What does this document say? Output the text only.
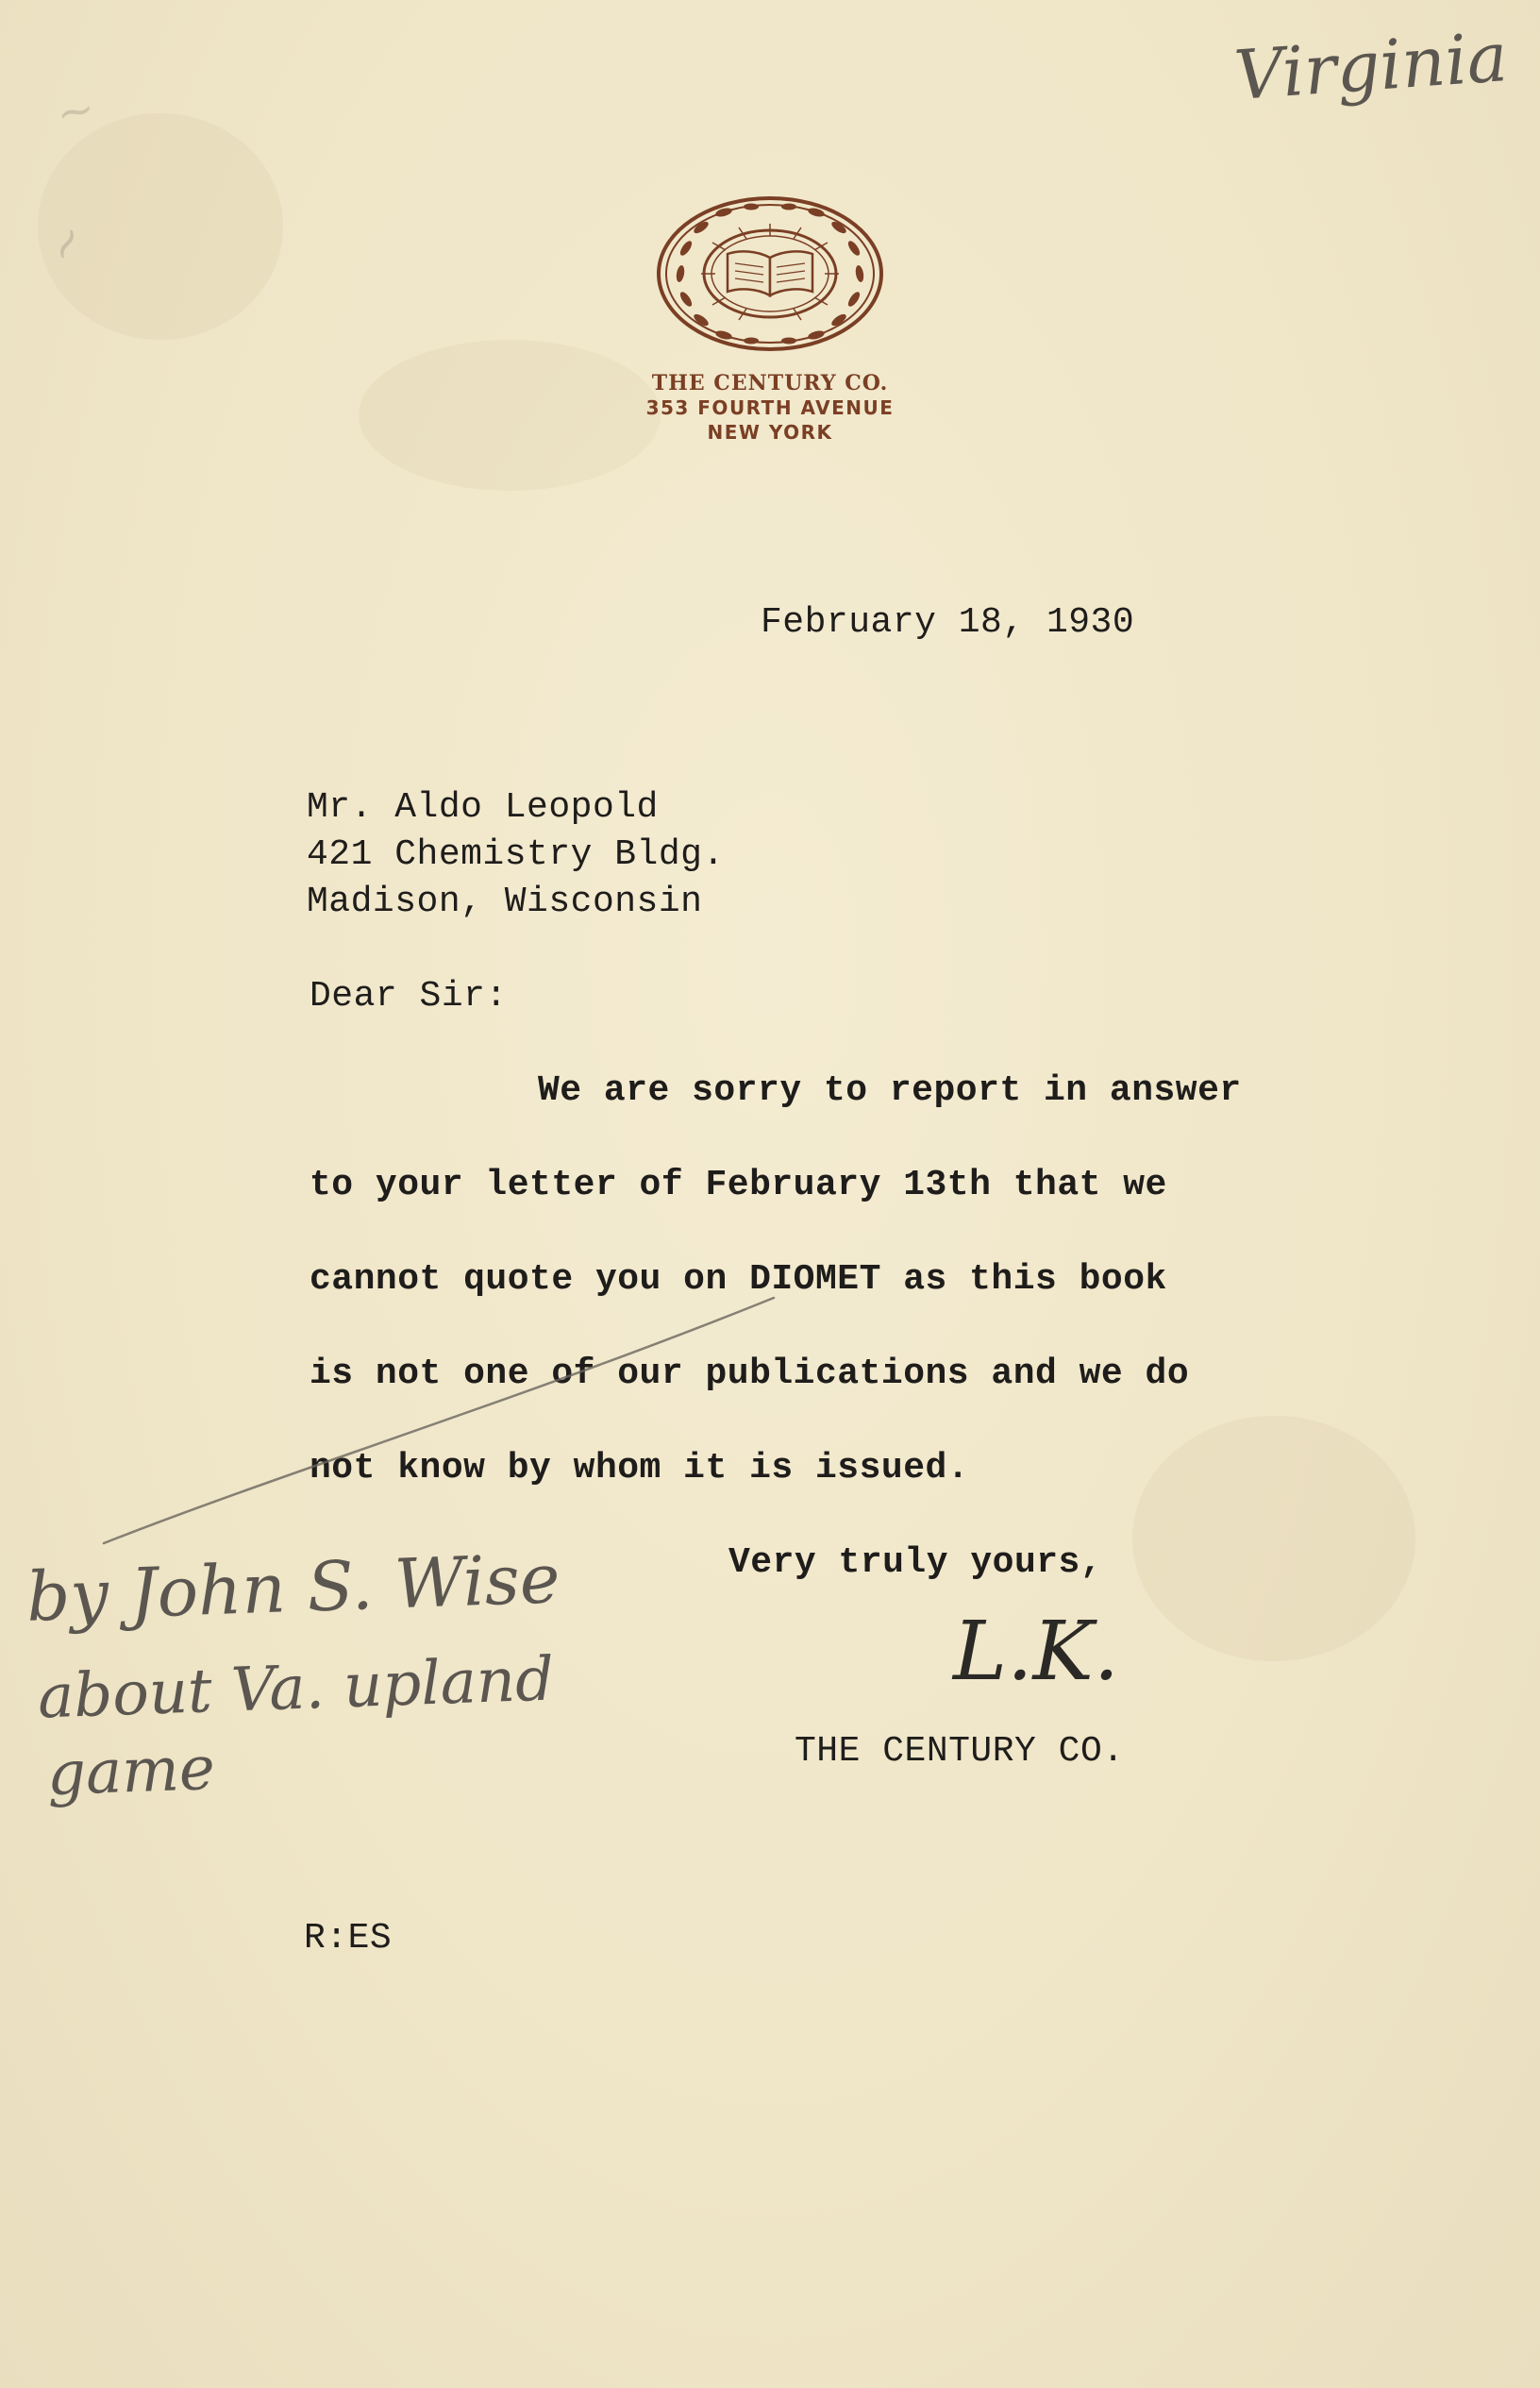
~
~
Virginia
THE CENTURY CO.
353 FOURTH AVENUE
NEW YORK
February 18, 1930
Mr. Aldo Leopold
421 Chemistry Bldg.
Madison, Wisconsin
Dear Sir:
We are sorry to report in answer
to your letter of February 13th that we
cannot quote you on DIOMET as this book
is not one of our publications and we do
not know by whom it is issued.
Very truly yours,
L.K.
THE CENTURY CO.
by John S. Wise
about Va. upland
game
R:ES
